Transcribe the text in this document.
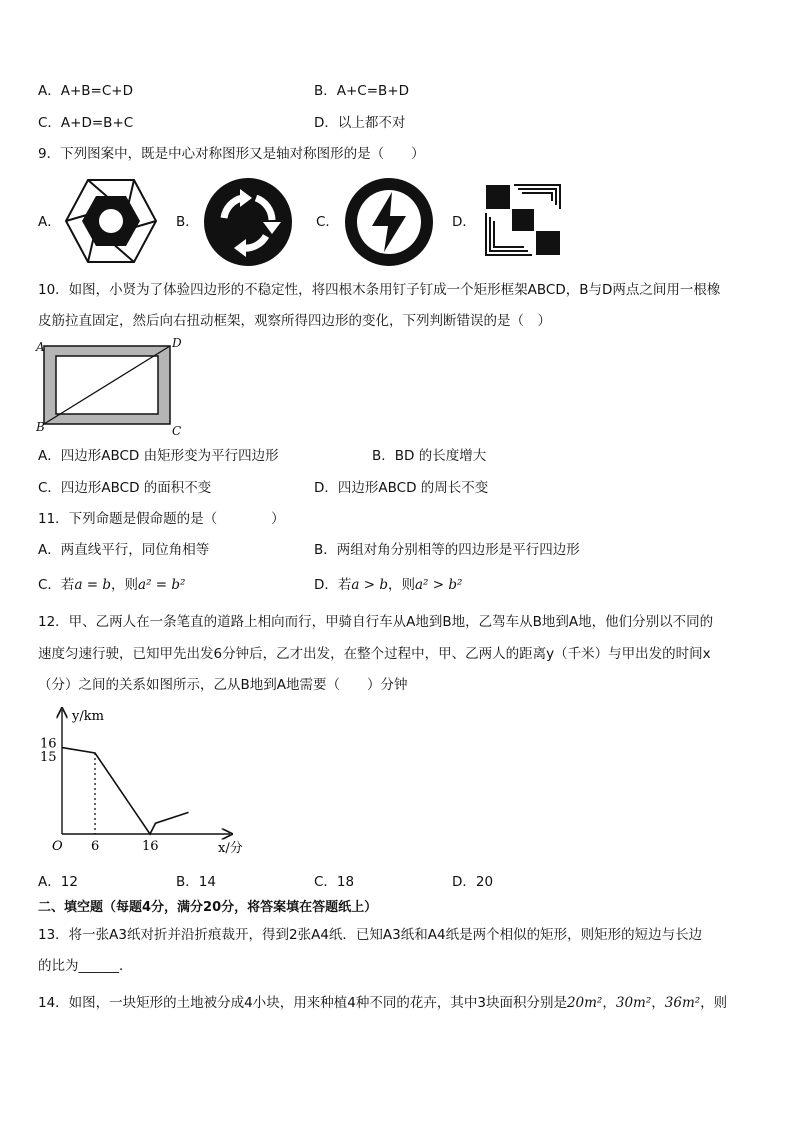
A．A+B=C+D	B．A+C=B+D
C．A+D=B+C	D．以上都不对
9．下列图案中，既是中心对称图形又是轴对称图形的是（　　）
A．	B．	C．	D．
10．如图，小贤为了体验四边形的不稳定性，将四根木条用钉子钉成一个矩形框架ABCD，B与D两点之间用一根橡
皮筋拉直固定，然后向右扭动框架，观察所得四边形的变化，下列判断错误的是（　）
A	D
B	C
A．四边形ABCD 由矩形变为平行四边形	B．BD 的长度增大
C．四边形ABCD 的面积不变	D．四边形ABCD 的周长不变
11．下列命题是假命题的是（　　　　）
A．两直线平行，同位角相等	B．两组对角分别相等的四边形是平行四边形
C．若a = b，则a² = b²	D．若a > b，则a² > b²
12．甲、乙两人在一条笔直的道路上相向而行，甲骑自行车从A地到B地，乙驾车从B地到A地，他们分别以不同的
速度匀速行驶，已知甲先出发6分钟后，乙才出发，在整个过程中，甲、乙两人的距离y（千米）与甲出发的时间x
（分）之间的关系如图所示，乙从B地到A地需要（　　）分钟
6	16
16
15
y/km
x/分
O
A．12	B．14	C．18	D．20
二、填空题（每题4分，满分20分，将答案填在答题纸上）
13．将一张A3纸对折并沿折痕裁开，得到2张A4纸．已知A3纸和A4纸是两个相似的矩形，则矩形的短边与长边
的比为______．
14．如图，一块矩形的土地被分成4小块，用来种植4种不同的花卉，其中3块面积分别是20m²，30m²，36m²，则
